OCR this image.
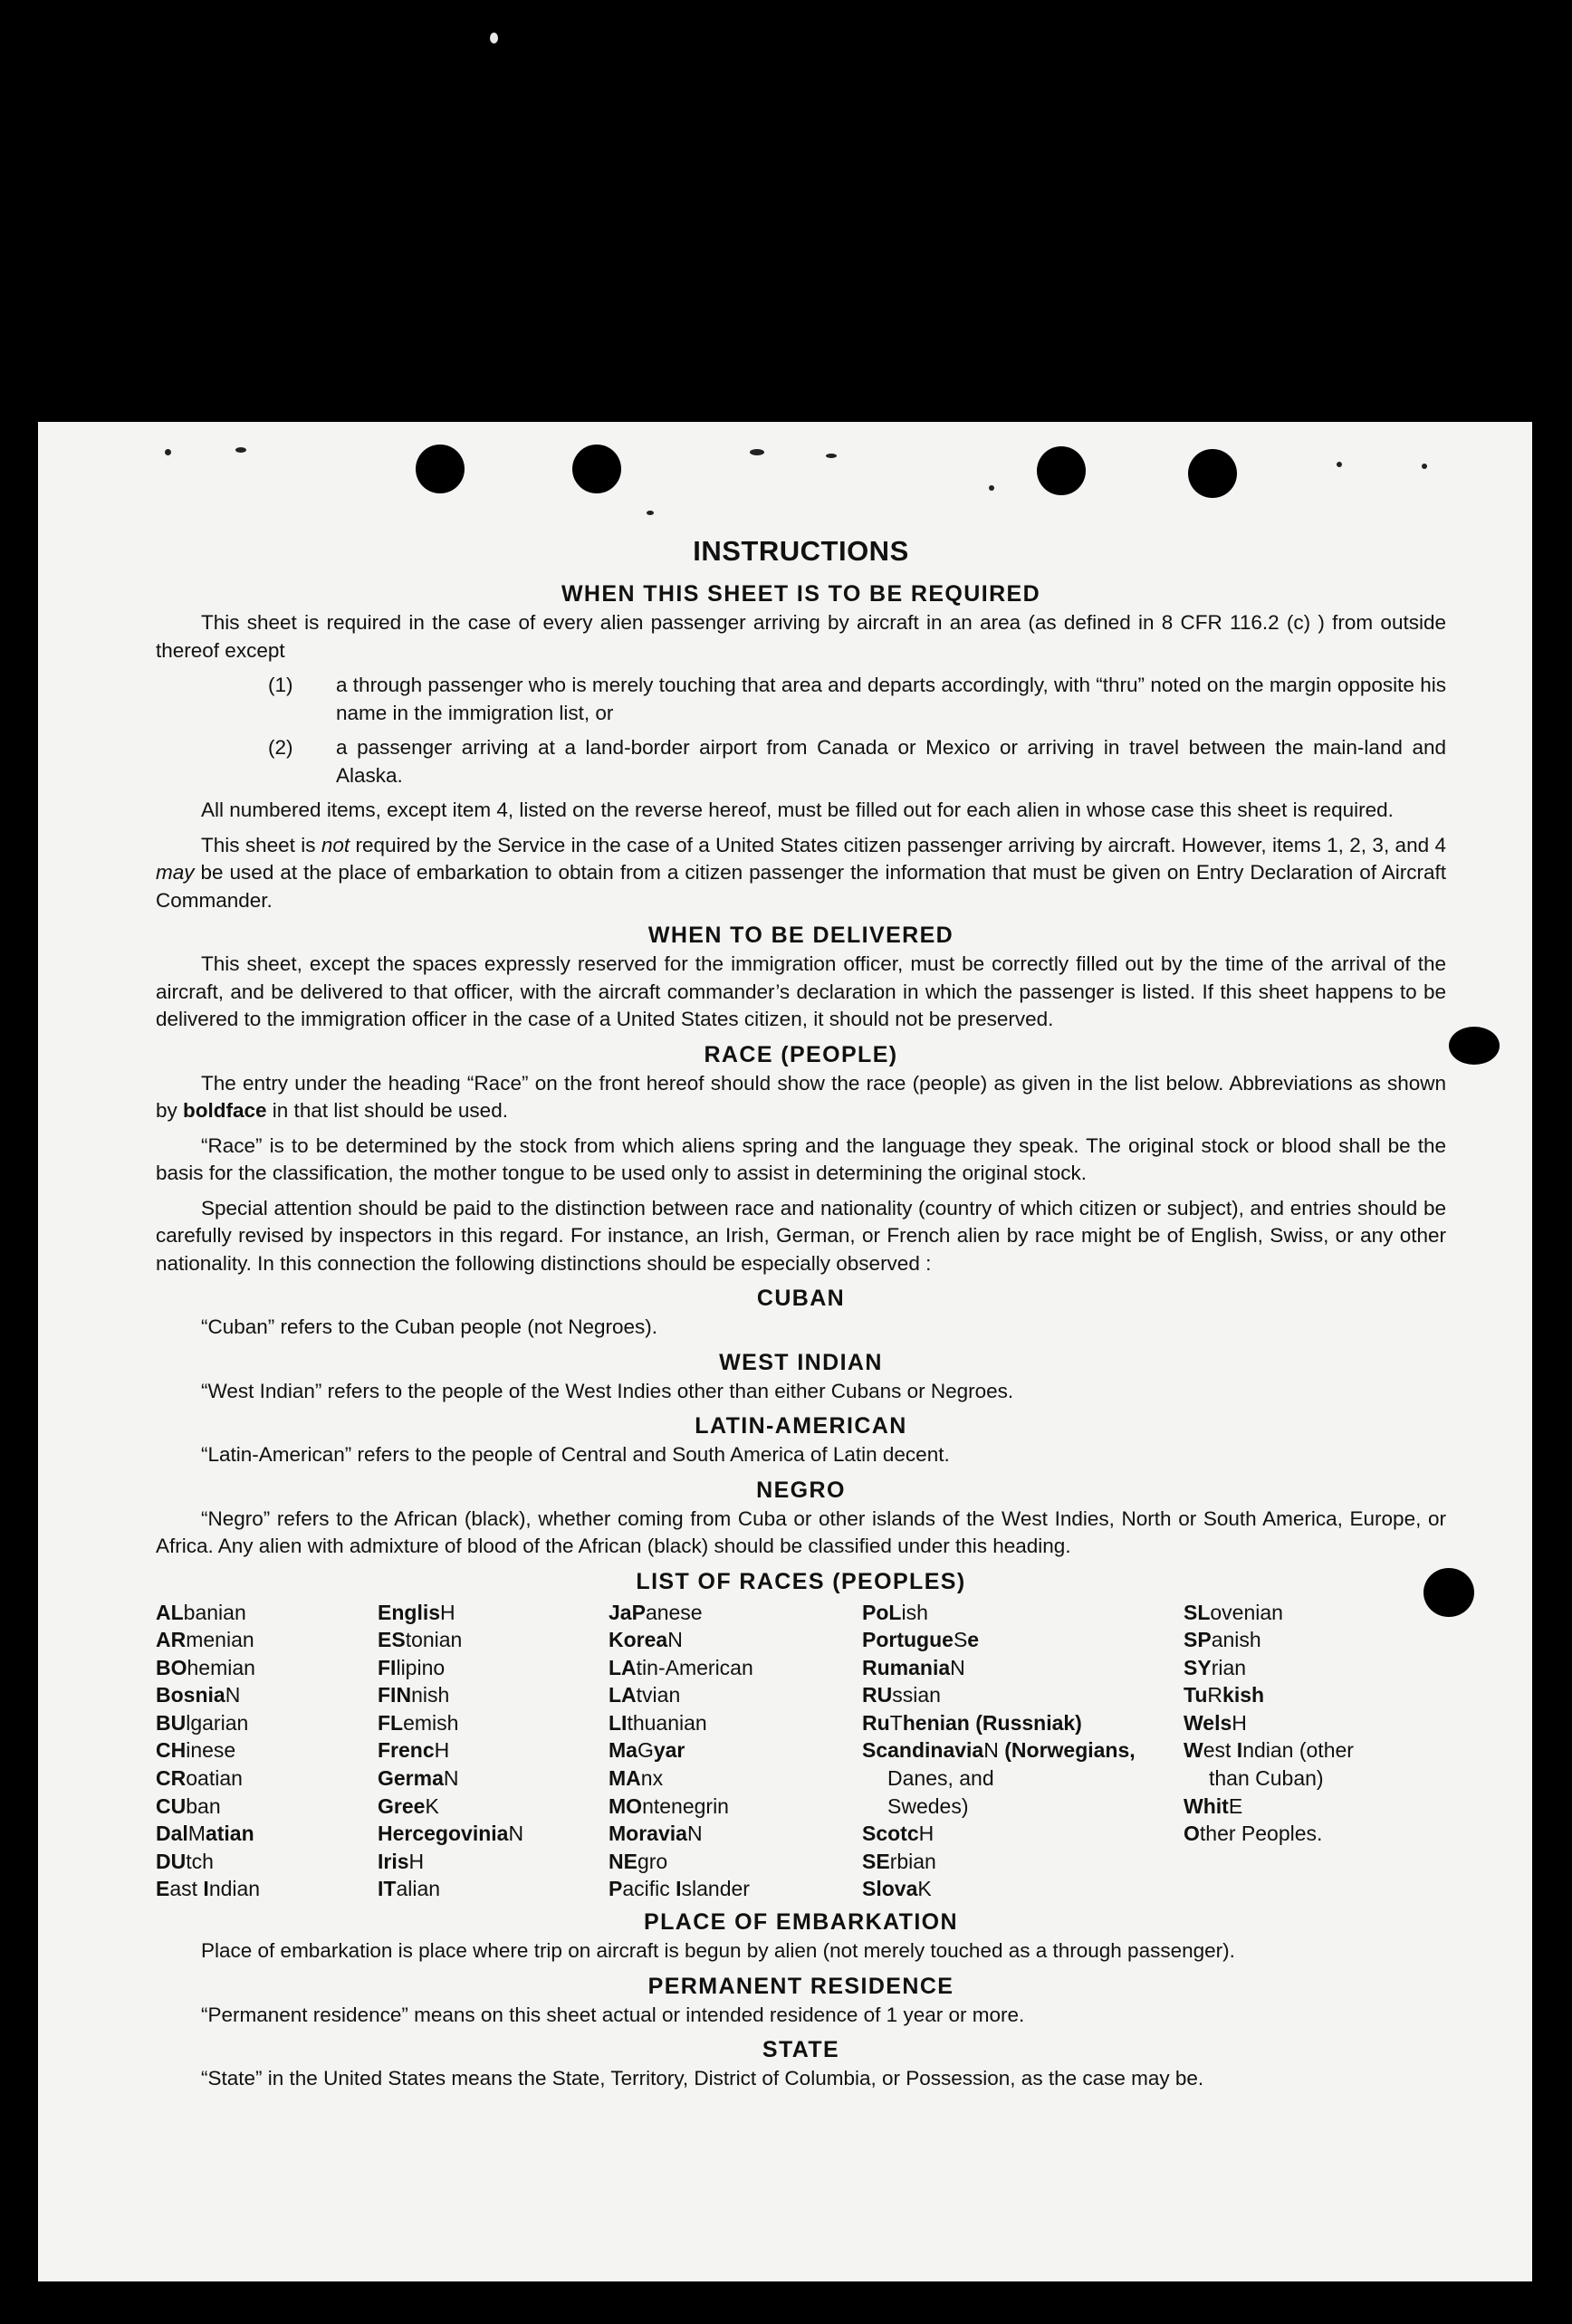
INSTRUCTIONS
WHEN THIS SHEET IS TO BE REQUIRED

This sheet is required in the case of every alien passenger arriving by aircraft in an area (as defined in 8 CFR 116.2 (c) ) from outside thereof except

(1)	a through passenger who is merely touching that area and departs accordingly, with “thru” noted on the margin opposite his name in the immigration list, or
(2)	a passenger arriving at a land-border airport from Canada or Mexico or arriving in travel between the main-land and Alaska.

All numbered items, except item 4, listed on the reverse hereof, must be filled out for each alien in whose case this sheet is required.

This sheet is not required by the Service in the case of a United States citizen passenger arriving by aircraft. However, items 1, 2, 3, and 4 may be used at the place of embarkation to obtain from a citizen passenger the information that must be given on Entry Declaration of Aircraft Commander.

WHEN TO BE DELIVERED

This sheet, except the spaces expressly reserved for the immigration officer, must be correctly filled out by the time of the arrival of the aircraft, and be delivered to that officer, with the aircraft commander’s declaration in which the passenger is listed. If this sheet happens to be delivered to the immigration officer in the case of a United States citizen, it should not be preserved.

RACE (PEOPLE)

The entry under the heading “Race” on the front hereof should show the race (people) as given in the list below. Abbreviations as shown by boldface in that list should be used.

“Race” is to be determined by the stock from which aliens spring and the language they speak. The original stock or blood shall be the basis for the classification, the mother tongue to be used only to assist in determining the original stock.

Special attention should be paid to the distinction between race and nationality (country of which citizen or subject), and entries should be carefully revised by inspectors in this regard. For instance, an Irish, German, or French alien by race might be of English, Swiss, or any other nationality. In this connection the following distinctions should be especially observed :

CUBAN

“Cuban” refers to the Cuban people (not Negroes).

WEST INDIAN

“West Indian” refers to the people of the West Indies other than either Cubans or Negroes.

LATIN-AMERICAN

“Latin-American” refers to the people of Central and South America of Latin decent.

NEGRO

“Negro” refers to the African (black), whether coming from Cuba or other islands of the West Indies, North or South America, Europe, or Africa. Any alien with admixture of blood of the African (black) should be classified under this heading.

LIST OF RACES (PEOPLES)
ALbanian
ARmenian
BOhemian
BosniaN
BUlgarian
CHinese
CRoatian
CUban
DalMatian
DUtch
East Indian
EnglisH
EStonian
FIlipino
FINnish
FLemish
FrencH
GermaN
GreeK
HercegoviniaN
IrisH
ITalian
JaPanese
KoreaN
LAtin-American
LAtvian
LIthuanian
MaGyar
MAnx
MOntenegrin
MoraviaN
NEgro
Pacific Islander
PoLish
PortugueSe
RumaniaN
RUssian
RuThenian (Russniak)
ScandinaviaN (Norwegians,
Danes, and
Swedes)
ScotcH
SErbian
SlovaK
SLovenian
SPanish
SYrian
TuRkish
WelsH
West Indian (other
than Cuban)
WhitE
Other Peoples.
PLACE OF EMBARKATION

Place of embarkation is place where trip on aircraft is begun by alien (not merely touched as a through passenger).

PERMANENT RESIDENCE

“Permanent residence” means on this sheet actual or intended residence of 1 year or more.

STATE

“State” in the United States means the State, Territory, District of Columbia, or Possession, as the case may be.
